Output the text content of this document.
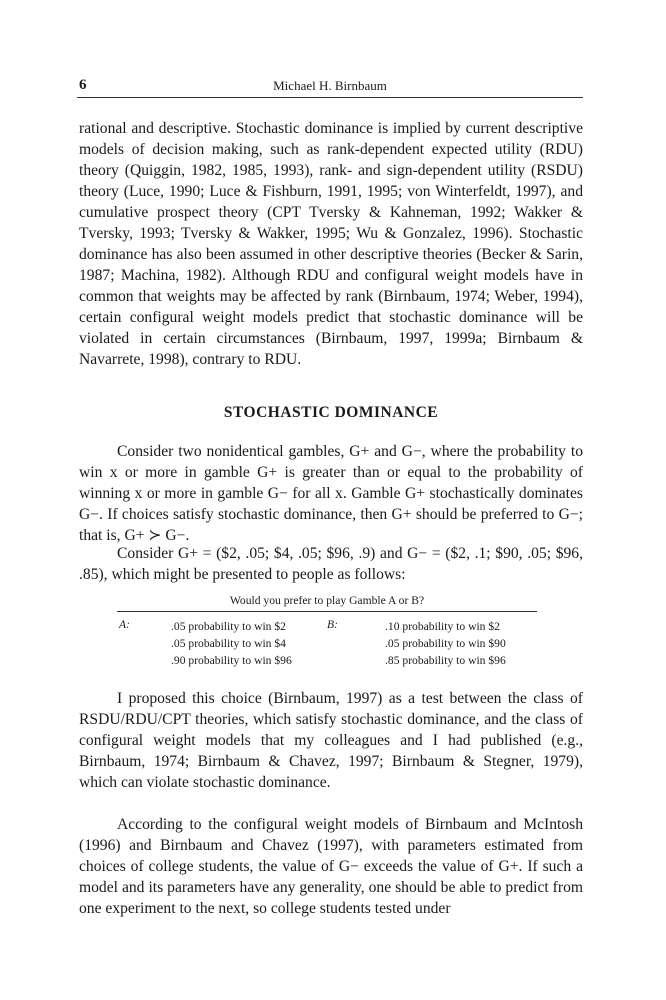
6	Michael H. Birnbaum

rational and descriptive. Stochastic dominance is implied by current descriptive models of decision making, such as rank-dependent expected utility (RDU) theory (Quiggin, 1982, 1985, 1993), rank- and sign-dependent utility (RSDU) theory (Luce, 1990; Luce & Fishburn, 1991, 1995; von Winterfeldt, 1997), and cumulative prospect theory (CPT Tversky & Kahneman, 1992; Wakker & Tversky, 1993; Tversky & Wakker, 1995; Wu & Gonzalez, 1996). Stochastic dominance has also been assumed in other descriptive theories (Becker & Sarin, 1987; Machina, 1982). Although RDU and configural weight models have in common that weights may be affected by rank (Birnbaum, 1974; Weber, 1994), certain configural weight models predict that stochastic dominance will be violated in certain circumstances (Birnbaum, 1997, 1999a; Birnbaum & Navarrete, 1998), contrary to RDU.

STOCHASTIC DOMINANCE

Consider two nonidentical gambles, G+ and G−, where the probability to win x or more in gamble G+ is greater than or equal to the probability of winning x or more in gamble G− for all x. Gamble G+ stochastically dominates G−. If choices satisfy stochastic dominance, then G+ should be preferred to G−; that is, G+ ≻ G−.

Consider G+ = ($2, .05; $4, .05; $96, .9) and G− = ($2, .1; $90, .05; $96, .85), which might be presented to people as follows:

Would you prefer to play Gamble A or B?
A:	.05 probability to win $2
.05 probability to win $4
.90 probability to win $96
B:	.10 probability to win $2
.05 probability to win $90
.85 probability to win $96

I proposed this choice (Birnbaum, 1997) as a test between the class of RSDU/RDU/CPT theories, which satisfy stochastic dominance, and the class of configural weight models that my colleagues and I had published (e.g., Birnbaum, 1974; Birnbaum & Chavez, 1997; Birnbaum & Stegner, 1979), which can violate stochastic dominance.

According to the configural weight models of Birnbaum and McIntosh (1996) and Birnbaum and Chavez (1997), with parameters estimated from choices of college students, the value of G− exceeds the value of G+. If such a model and its parameters have any generality, one should be able to predict from one experiment to the next, so college students tested under
